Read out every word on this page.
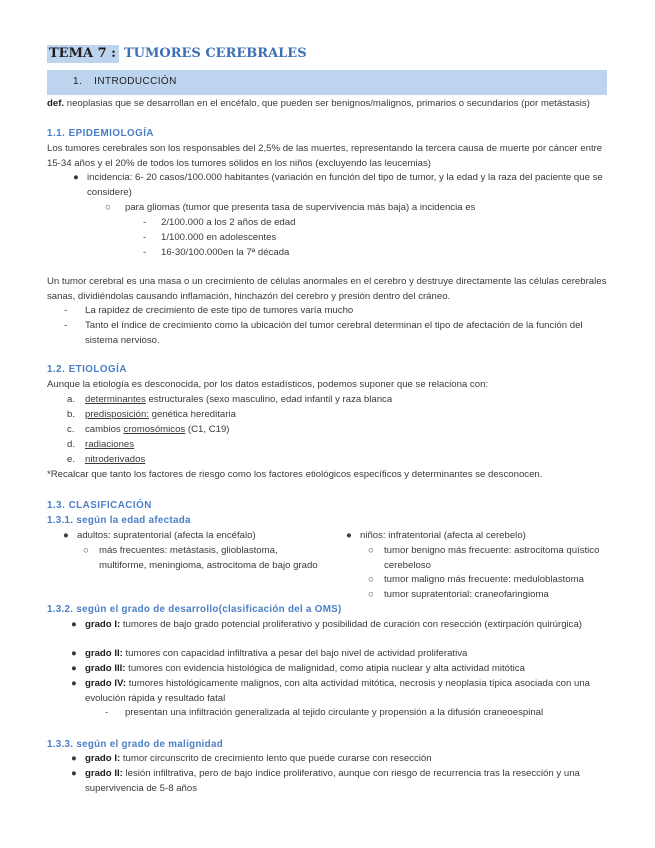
TEMA 7 : TUMORES CEREBRALES
1. INTRODUCCIÓN
def. neoplasias que se desarrollan en el encéfalo, que pueden ser benignos/malignos, primarios o secundarios (por metástasis)
1.1. EPIDEMIOLOGÍA
Los tumores cerebrales son los responsables del 2,5% de las muertes, representando la tercera causa de muerte por cáncer entre 15-34 años y el 20% de todos los tumores sólidos en los niños (excluyendo las leucemias)
● incidencia: 6- 20 casos/100.000 habitantes (variación en función del tipo de tumor, y la edad y la raza del paciente que se considere)
○ para gliomas (tumor que presenta tasa de supervivencia más baja) a incidencia es
- 2/100.000 a los 2 años de edad
- 1/100.000 en adolescentes
- 16-30/100.000en la 7ª década
Un tumor cerebral es una masa o un crecimiento de células anormales en el cerebro y destruye directamente las células cerebrales sanas, dividiéndolas causando inflamación, hinchazón del cerebro y presión dentro del cráneo.
- La rapidez de crecimiento de este tipo de tumores varía mucho
- Tanto el índice de crecimiento como la ubicación del tumor cerebral determinan el tipo de afectación de la función del sistema nervioso.
1.2. ETIOLOGÍA
Aunque la etiología es desconocida, por los datos estadísticos, podemos suponer que se relaciona con:
a. determinantes estructurales (sexo masculino, edad infantil y raza blanca
b. predisposición: genética hereditaria
c. cambios cromosómicos (C1, C19)
d. radiaciones
e. nitroderivados
*Recalcar que tanto los factores de riesgo como los factores etiológicos específicos y determinantes se desconocen.
1.3. CLASIFICACIÓN
1.3.1. según la edad afectada
● adultos: supratentorial (afecta la encéfalo)
○ más frecuentes: metástasis, glioblastoma, multiforme, meningioma, astrocitoma de bajo grado
● niños: infratentorial (afecta al cerebelo)
○ tumor benigno más frecuente: astrocitoma quístico cerebeloso
○ tumor maligno más frecuente: meduloblastoma
○ tumor supratentorial: craneofaringioma
1.3.2. según el grado de desarrollo(clasificación del a OMS)
● grado I: tumores de bajo grado potencial proliferativo y posibilidad de curación con resección (extirpación quirúrgica)
● grado II: tumores con capacidad infiltrativa a pesar del bajo nivel de actividad proliferativa
● grado III: tumores con evidencia histológica de malignidad, como atipia nuclear y alta actividad mitótica
● grado IV: tumores histológicamente malignos, con alta actividad mitótica, necrosis y neoplasia típica asociada con una evolución rápida y resultado fatal
- presentan una infiltración generalizada al tejido circulante y propensión a la difusión craneoespinal
1.3.3. según el grado de malignidad
● grado I: tumor circunscrito de crecimiento lento que puede curarse con resección
● grado II: lesión infiltrativa, pero de bajo índice proliferativo, aunque con riesgo de recurrencia tras la resección y una supervivencia de 5-8 años
